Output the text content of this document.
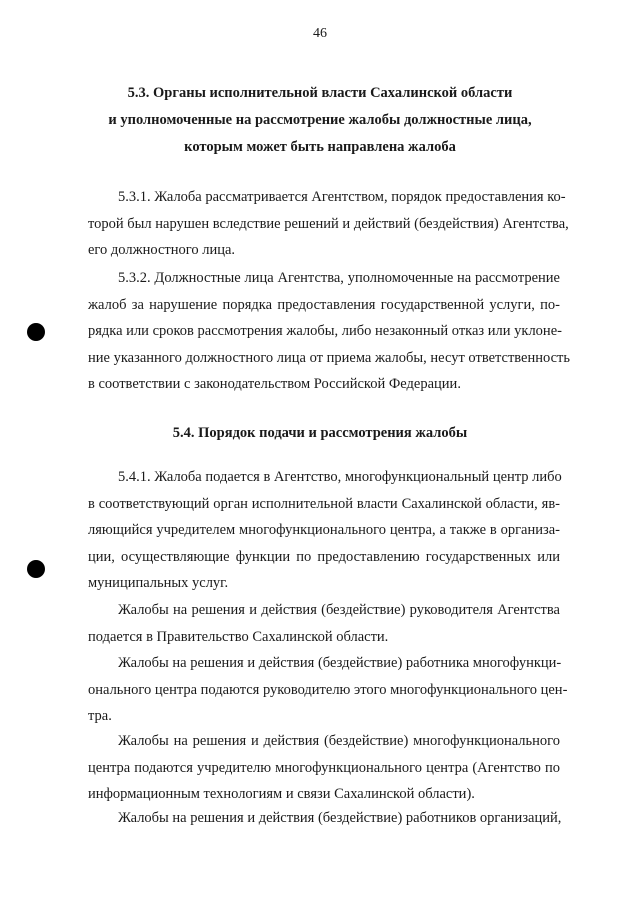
46
5.3. Органы исполнительной власти Сахалинской области
и уполномоченные на рассмотрение жалобы должностные лица,
которым может быть направлена жалоба
5.3.1. Жалоба рассматривается Агентством, порядок предоставления ко-
торой был нарушен вследствие решений и действий (бездействия) Агентства,
его должностного лица.
5.3.2. Должностные лица Агентства, уполномоченные на рассмотрение
жалоб за нарушение порядка предоставления государственной услуги, по-
рядка или сроков рассмотрения жалобы, либо незаконный отказ или уклоне-
ние указанного должностного лица от приема жалобы, несут ответственность
в соответствии с законодательством Российской Федерации.
5.4. Порядок подачи и рассмотрения жалобы
5.4.1. Жалоба подается в Агентство, многофункциональный центр либо
в соответствующий орган исполнительной власти Сахалинской области, яв-
ляющийся учредителем многофункционального центра, а также в организа-
ции, осуществляющие функции по предоставлению государственных или
муниципальных услуг.
Жалобы на решения и действия (бездействие) руководителя Агентства
подается в Правительство Сахалинской области.
Жалобы на решения и действия (бездействие) работника многофункци-
онального центра подаются руководителю этого многофункционального цен-
тра.
Жалобы на решения и действия (бездействие) многофункционального
центра подаются учредителю многофункционального центра (Агентство по
информационным технологиям и связи Сахалинской области).
Жалобы на решения и действия (бездействие) работников организаций,
